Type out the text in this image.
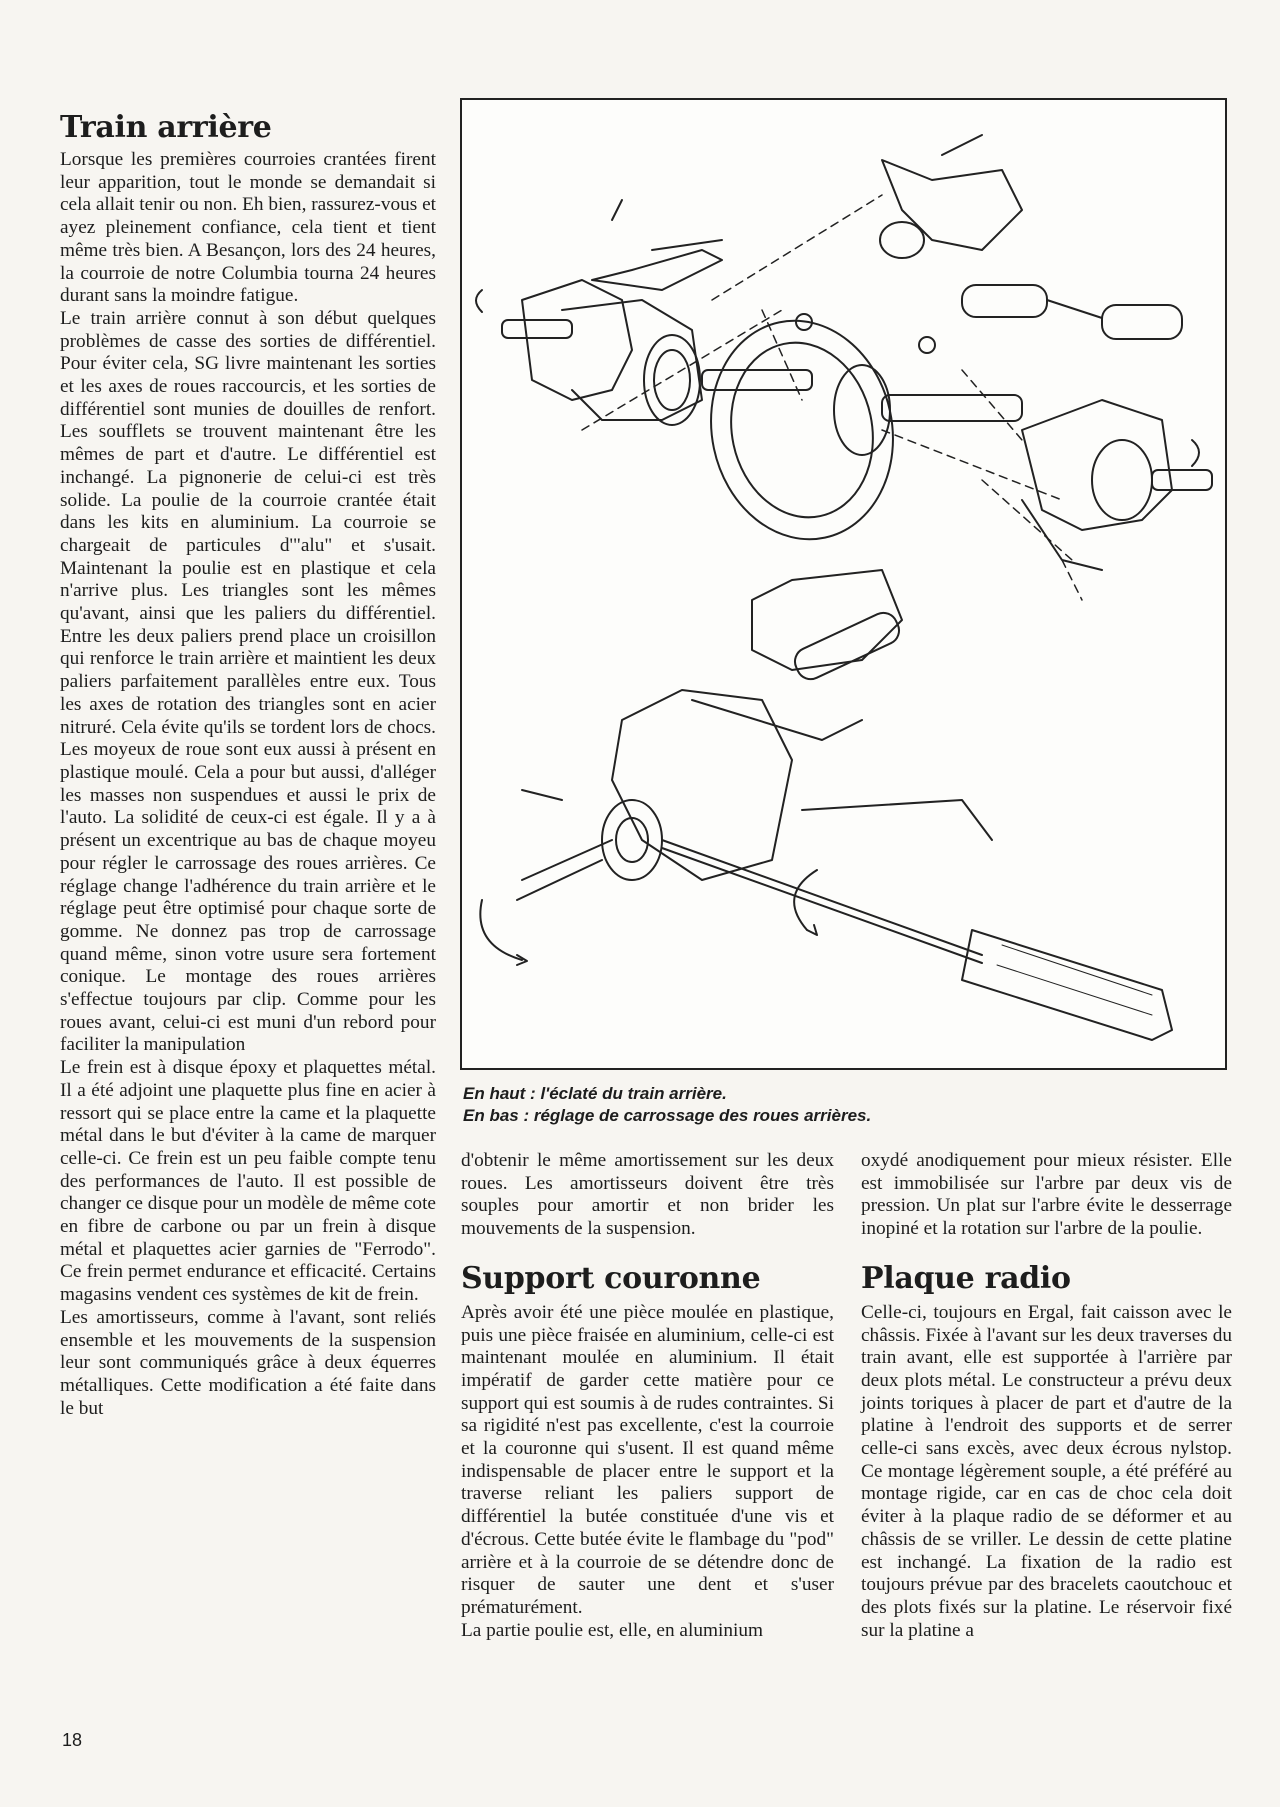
Train arrière

Lorsque les premières courroies crantées firent leur apparition, tout le monde se demandait si cela allait tenir ou non. Eh bien, rassurez-vous et ayez pleinement confiance, cela tient et tient même très bien. A Besançon, lors des 24 heures, la courroie de notre Columbia tourna 24 heures durant sans la moindre fatigue.

Le train arrière connut à son début quelques problèmes de casse des sorties de différentiel. Pour éviter cela, SG livre maintenant les sorties et les axes de roues raccourcis, et les sorties de différentiel sont munies de douilles de renfort. Les soufflets se trouvent maintenant être les mêmes de part et d'autre. Le différentiel est inchangé. La pignonerie de celui-ci est très solide. La poulie de la courroie crantée était dans les kits en aluminium. La courroie se chargeait de particules d'"alu" et s'usait. Maintenant la poulie est en plastique et cela n'arrive plus. Les triangles sont les mêmes qu'avant, ainsi que les paliers du différentiel. Entre les deux paliers prend place un croisillon qui renforce le train arrière et maintient les deux paliers parfaitement parallèles entre eux. Tous les axes de rotation des triangles sont en acier nitruré. Cela évite qu'ils se tordent lors de chocs. Les moyeux de roue sont eux aussi à présent en plastique moulé. Cela a pour but aussi, d'alléger les masses non suspendues et aussi le prix de l'auto. La solidité de ceux-ci est égale. Il y a à présent un excentrique au bas de chaque moyeu pour régler le carrossage des roues arrières. Ce réglage change l'adhérence du train arrière et le réglage peut être optimisé pour chaque sorte de gomme. Ne donnez pas trop de carrossage quand même, sinon votre usure sera fortement conique. Le montage des roues arrières s'effectue toujours par clip. Comme pour les roues avant, celui-ci est muni d'un rebord pour faciliter la manipulation

Le frein est à disque époxy et plaquettes métal. Il a été adjoint une plaquette plus fine en acier à ressort qui se place entre la came et la plaquette métal dans le but d'éviter à la came de marquer celle-ci. Ce frein est un peu faible compte tenu des performances de l'auto. Il est possible de changer ce disque pour un modèle de même cote en fibre de carbone ou par un frein à disque métal et plaquettes acier garnies de "Ferrodo". Ce frein permet endurance et efficacité. Certains magasins vendent ces systèmes de kit de frein.

Les amortisseurs, comme à l'avant, sont reliés ensemble et les mouvements de la suspension leur sont communiqués grâce à deux équerres métalliques. Cette modification a été faite dans le but

En haut : l'éclaté du train arrière.
En bas : réglage de carrossage des roues arrières.

d'obtenir le même amortissement sur les deux roues. Les amortisseurs doivent être très souples pour amortir et non brider les mouvements de la suspension.

Support couronne

Après avoir été une pièce moulée en plastique, puis une pièce fraisée en aluminium, celle-ci est maintenant moulée en aluminium. Il était impératif de garder cette matière pour ce support qui est soumis à de rudes contraintes. Si sa rigidité n'est pas excellente, c'est la courroie et la couronne qui s'usent. Il est quand même indispensable de placer entre le support et la traverse reliant les paliers support de différentiel la butée constituée d'une vis et d'écrous. Cette butée évite le flambage du "pod" arrière et à la courroie de se détendre donc de risquer de sauter une dent et s'user prématurément.

La partie poulie est, elle, en aluminium

oxydé anodiquement pour mieux résister. Elle est immobilisée sur l'arbre par deux vis de pression. Un plat sur l'arbre évite le desserrage inopiné et la rotation sur l'arbre de la poulie.

Plaque radio

Celle-ci, toujours en Ergal, fait caisson avec le châssis. Fixée à l'avant sur les deux traverses du train avant, elle est supportée à l'arrière par deux plots métal. Le constructeur a prévu deux joints toriques à placer de part et d'autre de la platine à l'endroit des supports et de serrer celle-ci sans excès, avec deux écrous nylstop. Ce montage légèrement souple, a été préféré au montage rigide, car en cas de choc cela doit éviter à la plaque radio de se déformer et au châssis de se vriller. Le dessin de cette platine est inchangé. La fixation de la radio est toujours prévue par des bracelets caoutchouc et des plots fixés sur la platine. Le réservoir fixé sur la platine a

18
